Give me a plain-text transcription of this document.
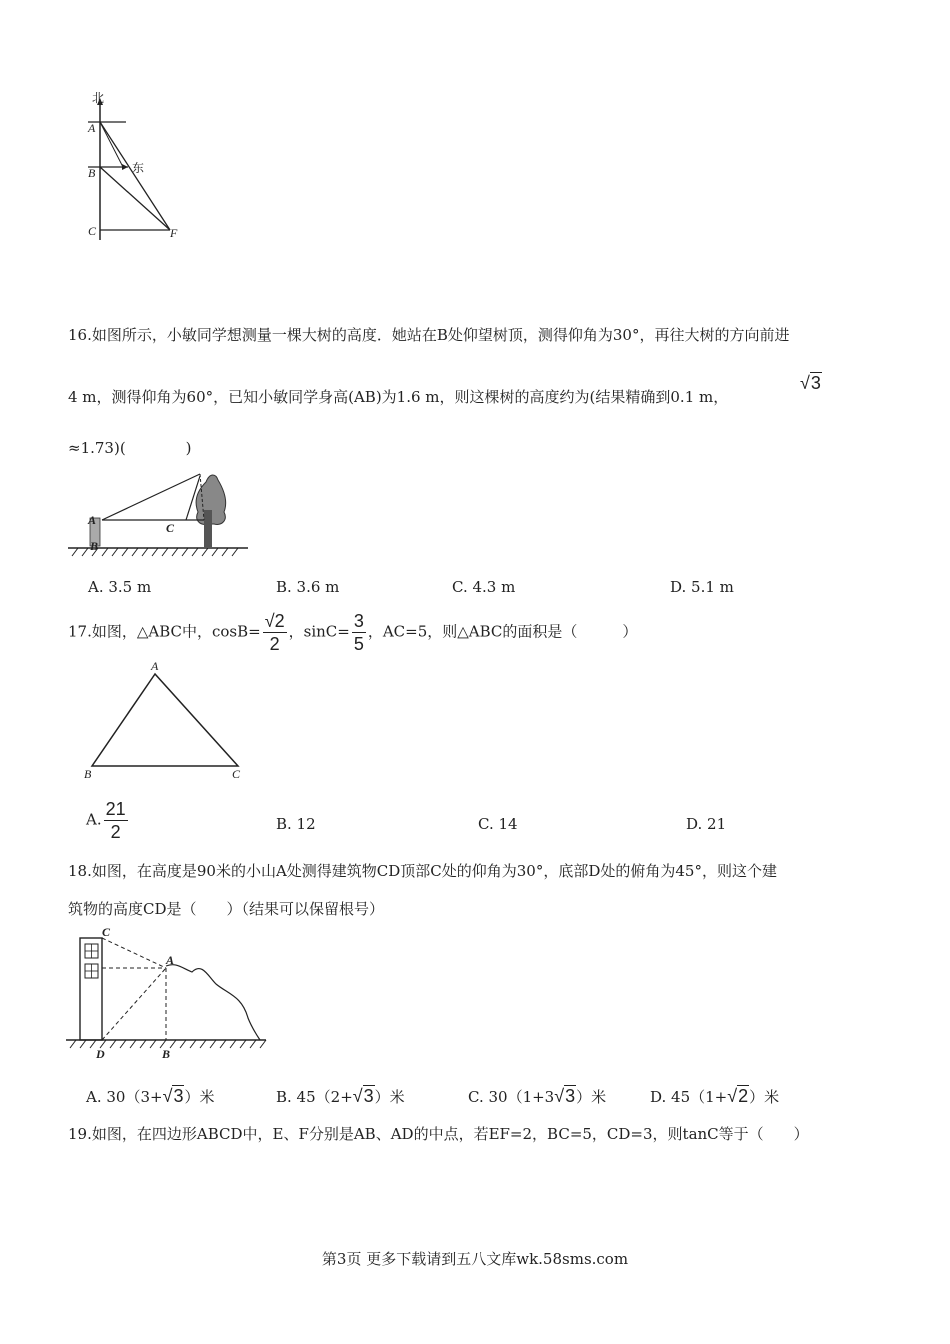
北
东
A
B
C	F
16.如图所示，小敏同学想测量一棵大树的高度．她站在B处仰望树顶，测得仰角为30°，再往大树的方向前进
4 m，测得仰角为60°，已知小敏同学身高(AB)为1.6 m，则这棵树的高度约为(结果精确到0.1 m，
√3
≈1.73)(　　　　)
A
B
C
A. 3.5 m	B. 3.6 m	C. 4.3 m	D. 5.1 m
17.如图，△ABC中，$\cos B= \frac{√2}{2}$ ，$\sin C= \frac{3}{5}$ ，AC=5，则△ABC的面积是（　　　）
A
B	C
A. $\frac{21}{2}$	B. 12	C. 14	D. 21
18.如图，在高度是90米的小山A处测得建筑物CD顶部C处的仰角为30°，底部D处的俯角为45°，则这个建
筑物的高度CD是（　　）（结果可以保留根号）
C
A
D	B
A. 30（3+√3）米	B. 45（2+√3）米	C. 30（1+3√3）米	D. 45（1+√2）米
19.如图，在四边形ABCD中，E、F分别是AB、AD的中点，若EF=2，BC=5，CD=3，则tanC等于（　　）
第3页 更多下载请到五八文库wk.58sms.com
